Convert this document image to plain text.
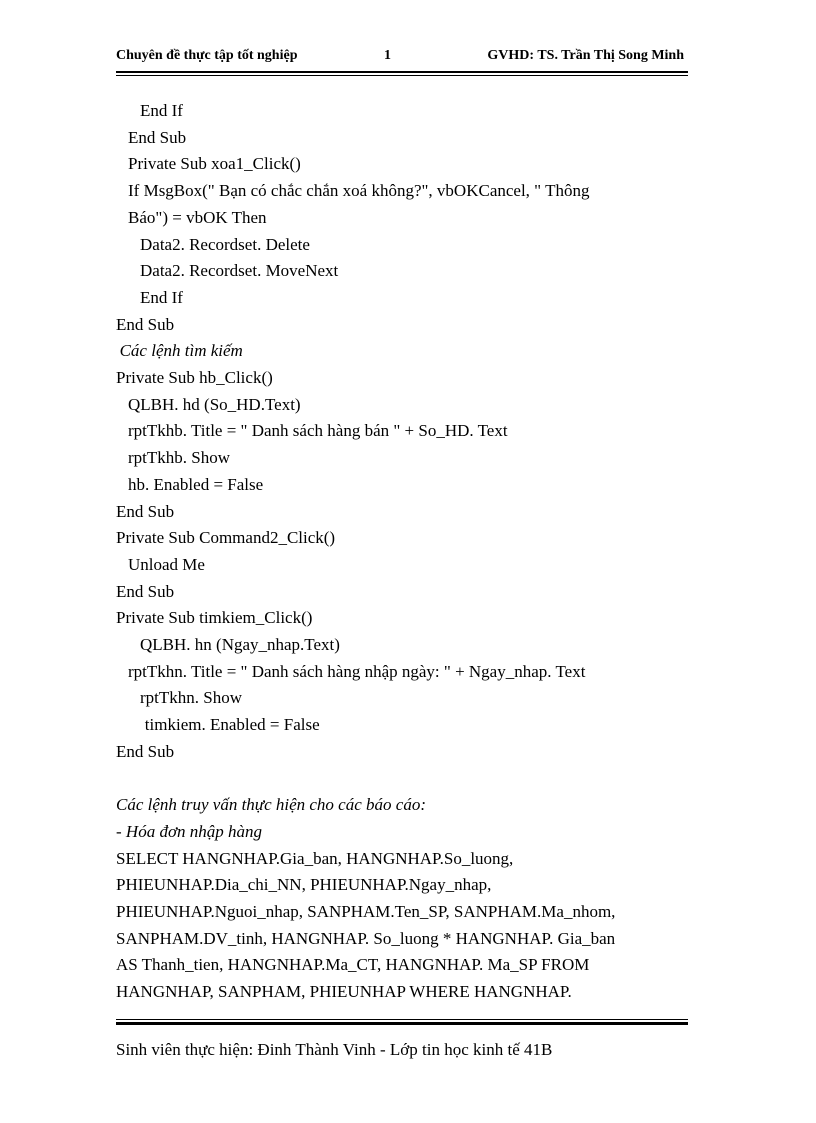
Chuyên đề thực tập tốt nghiệp	1	GVHD: TS. Trần Thị Song Minh
End If
End Sub
Private Sub xoa1_Click()
If MsgBox(" Bạn có chắc chắn xoá không?", vbOKCancel, " Thông
Báo") = vbOK Then
Data2. Recordset. Delete
Data2. Recordset. MoveNext
End If
End Sub
Các lệnh tìm kiếm
Private Sub hb_Click()
QLBH. hd (So_HD.Text)
rptTkhb. Title = " Danh sách hàng bán " + So_HD. Text
rptTkhb. Show
hb. Enabled = False
End Sub
Private Sub Command2_Click()
Unload Me
End Sub
Private Sub timkiem_Click()
QLBH. hn (Ngay_nhap.Text)
rptTkhn. Title = " Danh sách hàng nhập ngày: " + Ngay_nhap. Text
rptTkhn. Show
timkiem. Enabled = False
End Sub
Các lệnh truy vấn thực hiện cho các báo cáo:
- Hóa đơn nhập hàng
SELECT HANGNHAP.Gia_ban, HANGNHAP.So_luong,
PHIEUNHAP.Dia_chi_NN, PHIEUNHAP.Ngay_nhap,
PHIEUNHAP.Nguoi_nhap, SANPHAM.Ten_SP, SANPHAM.Ma_nhom,
SANPHAM.DV_tinh, HANGNHAP. So_luong * HANGNHAP. Gia_ban
AS Thanh_tien, HANGNHAP.Ma_CT, HANGNHAP. Ma_SP FROM
HANGNHAP, SANPHAM, PHIEUNHAP WHERE HANGNHAP.
Sinh viên thực hiện: Đinh Thành Vinh - Lớp tin học kinh tế 41B
